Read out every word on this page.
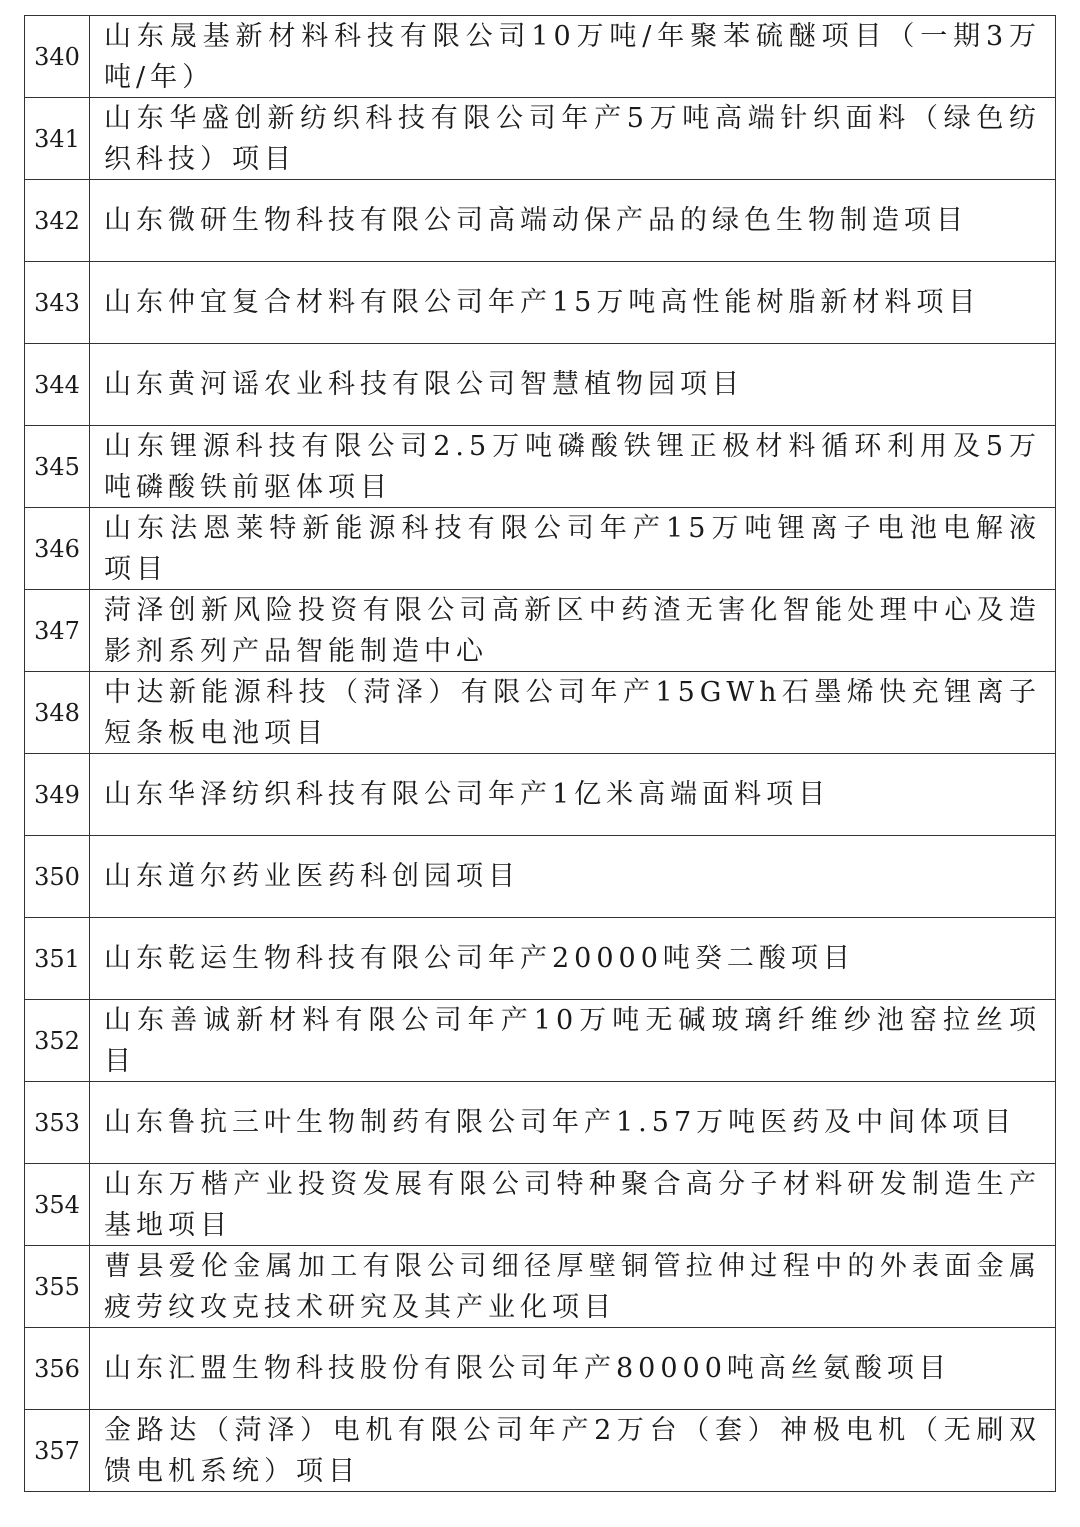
340
山东晟基新材料科技有限公司10万吨/年聚苯硫醚项目（一期3万吨/年）
341
山东华盛创新纺织科技有限公司年产5万吨高端针织面料（绿色纺织科技）项目
342 山东微研生物科技有限公司高端动保产品的绿色生物制造项目
343 山东仲宜复合材料有限公司年产15万吨高性能树脂新材料项目
344 山东黄河谣农业科技有限公司智慧植物园项目
345
山东锂源科技有限公司2.5万吨磷酸铁锂正极材料循环利用及5万吨磷酸铁前驱体项目
346
山东法恩莱特新能源科技有限公司年产15万吨锂离子电池电解液项目
347
菏泽创新风险投资有限公司高新区中药渣无害化智能处理中心及造影剂系列产品智能制造中心
348
中达新能源科技（菏泽）有限公司年产15GWh石墨烯快充锂离子短条板电池项目
349 山东华泽纺织科技有限公司年产1亿米高端面料项目
350 山东道尔药业医药科创园项目
351 山东乾运生物科技有限公司年产20000吨癸二酸项目
352
山东善诚新材料有限公司年产10万吨无碱玻璃纤维纱池窑拉丝项目
353 山东鲁抗三叶生物制药有限公司年产1.57万吨医药及中间体项目
354
山东万楷产业投资发展有限公司特种聚合高分子材料研发制造生产基地项目
355
曹县爱伦金属加工有限公司细径厚壁铜管拉伸过程中的外表面金属疲劳纹攻克技术研究及其产业化项目
356 山东汇盟生物科技股份有限公司年产80000吨高丝氨酸项目
357
金路达（菏泽）电机有限公司年产2万台（套）神极电机（无刷双馈电机系统）项目
